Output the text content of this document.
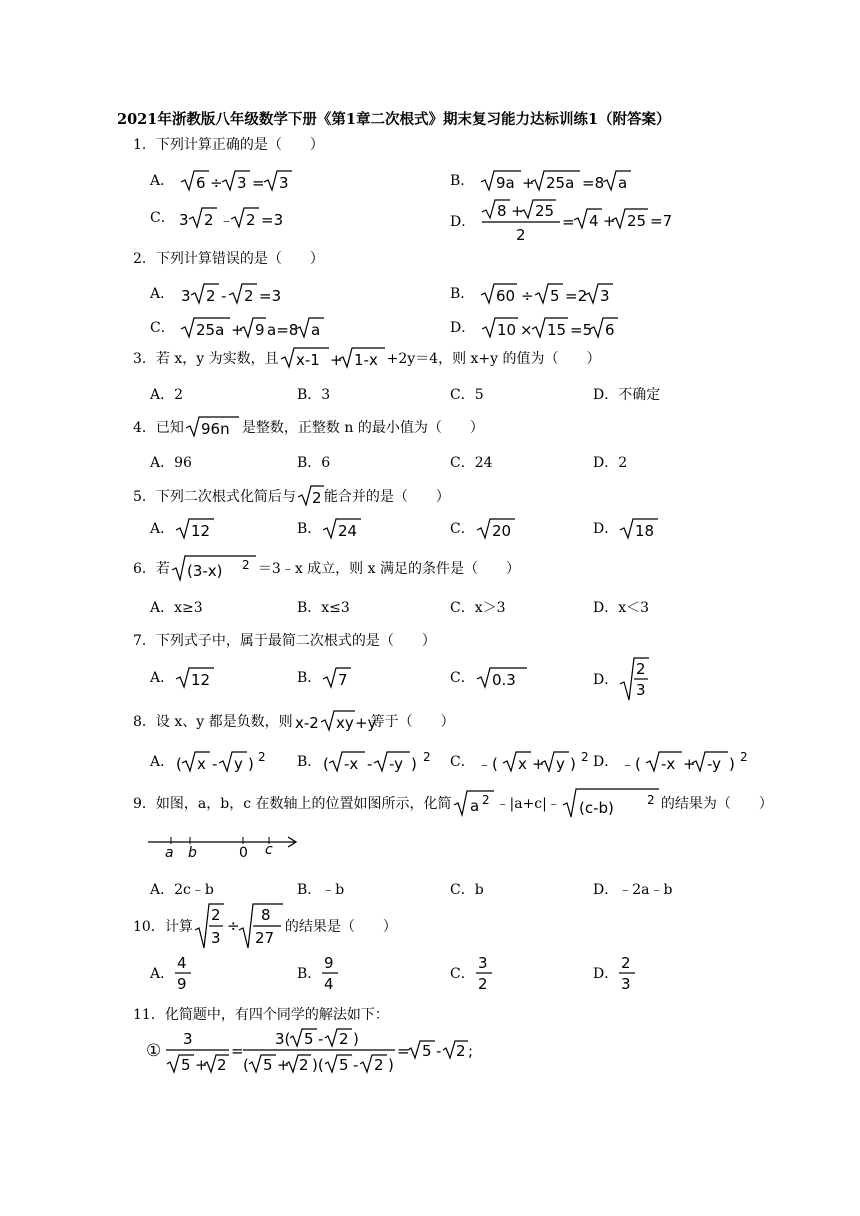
2021年浙教版八年级数学下册《第1章二次根式》期末复习能力达标训练1（附答案）
1．下列计算正确的是（　　）
A． 6 ÷ 3 = 3	B． 9a + 25a =8 a
C． 3 2 ﹣ 2 =3	D．
8 + 25
2
= 4 + 25 =7
2．下列计算错误的是（　　）
A． 3 2 - 2 =3	B． 60 ÷ 5 =2 3
C． 25a + 9 a=8 a	D． 10 × 15 =5 6
3．若 x，y 为实数，且 x-1 + 1-x +2y＝4，则 x+y 的值为（　　）
A．2	B．3	C．5	D．不确定
4．已知 96n 是整数，正整数 n 的最小值为（　　）
A．96	B．6	C．24	D．2
5．下列二次根式化简后与 2 能合并的是（　　）
A． 12	B． 24	C． 20	D． 18
6．若 (3-x) 2 ＝3﹣x 成立，则 x 满足的条件是（　　）
A．x≥3	B．x≤3	C．x＞3	D．x＜3
7．下列式子中，属于最简二次根式的是（　　）
A． 12	B． 7	C． 0.3	D．
2
3
8．设 x、y 都是负数，则 x-2 xy +y
等于（　　）
A． ( x - y ) 2 B． ( -x - -y ) 2 C． ﹣( x + y ) 2 D． ﹣( -x + -y ) 2
9．如图，a，b，c 在数轴上的位置如图所示，化简 a 2 ﹣|a+c|﹣ (c-b)	2 的结果为（　　）
a b	0 c
A．2c﹣b	B．﹣b	C．b	D．﹣2a﹣b
10．计算
2
3
÷
8
27
的结果是（　　）
A．
4
9
B．
9
4
C．
3
2
D．
2
3
11．化简题中，有四个同学的解法如下：
①
3
5 + 2
=
3( 5 - 2 )
( 5 + 2 )( 5 - 2 )
= 5 - 2 ;
